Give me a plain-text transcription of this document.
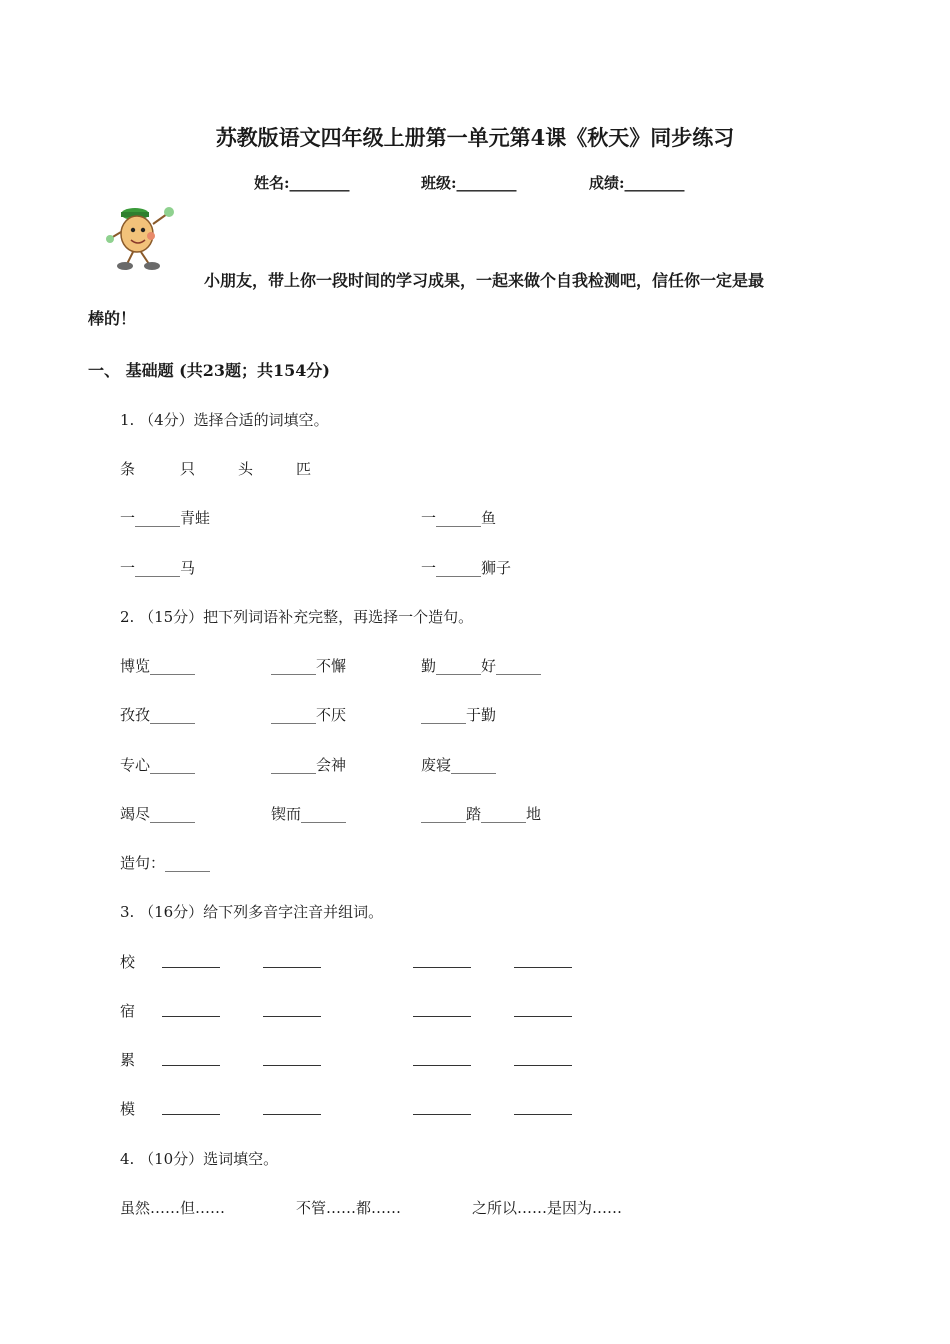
苏教版语文四年级上册第一单元第4课《秋天》同步练习
姓名:________	班级:________	成绩:________
小朋友，带上你一段时间的学习成果，一起来做个自我检测吧，信任你一定是最
棒的！
一、 基础题 (共23题；共154分)
1. （4分）选择合适的词填空。
条	只	头	匹
一______青蛙	一______鱼
一______马	一______狮子
2. （15分）把下列词语补充完整，再选择一个造句。
博览______	______不懈	勤______好______
孜孜______	______不厌	______于勤
专心______	______会神	废寝______
竭尽______	锲而______	______踏______地
造句：______
3. （16分）给下列多音字注音并组词。
校
宿
累
模
4. （10分）选词填空。
虽然……但……	不管……都……	之所以……是因为……
